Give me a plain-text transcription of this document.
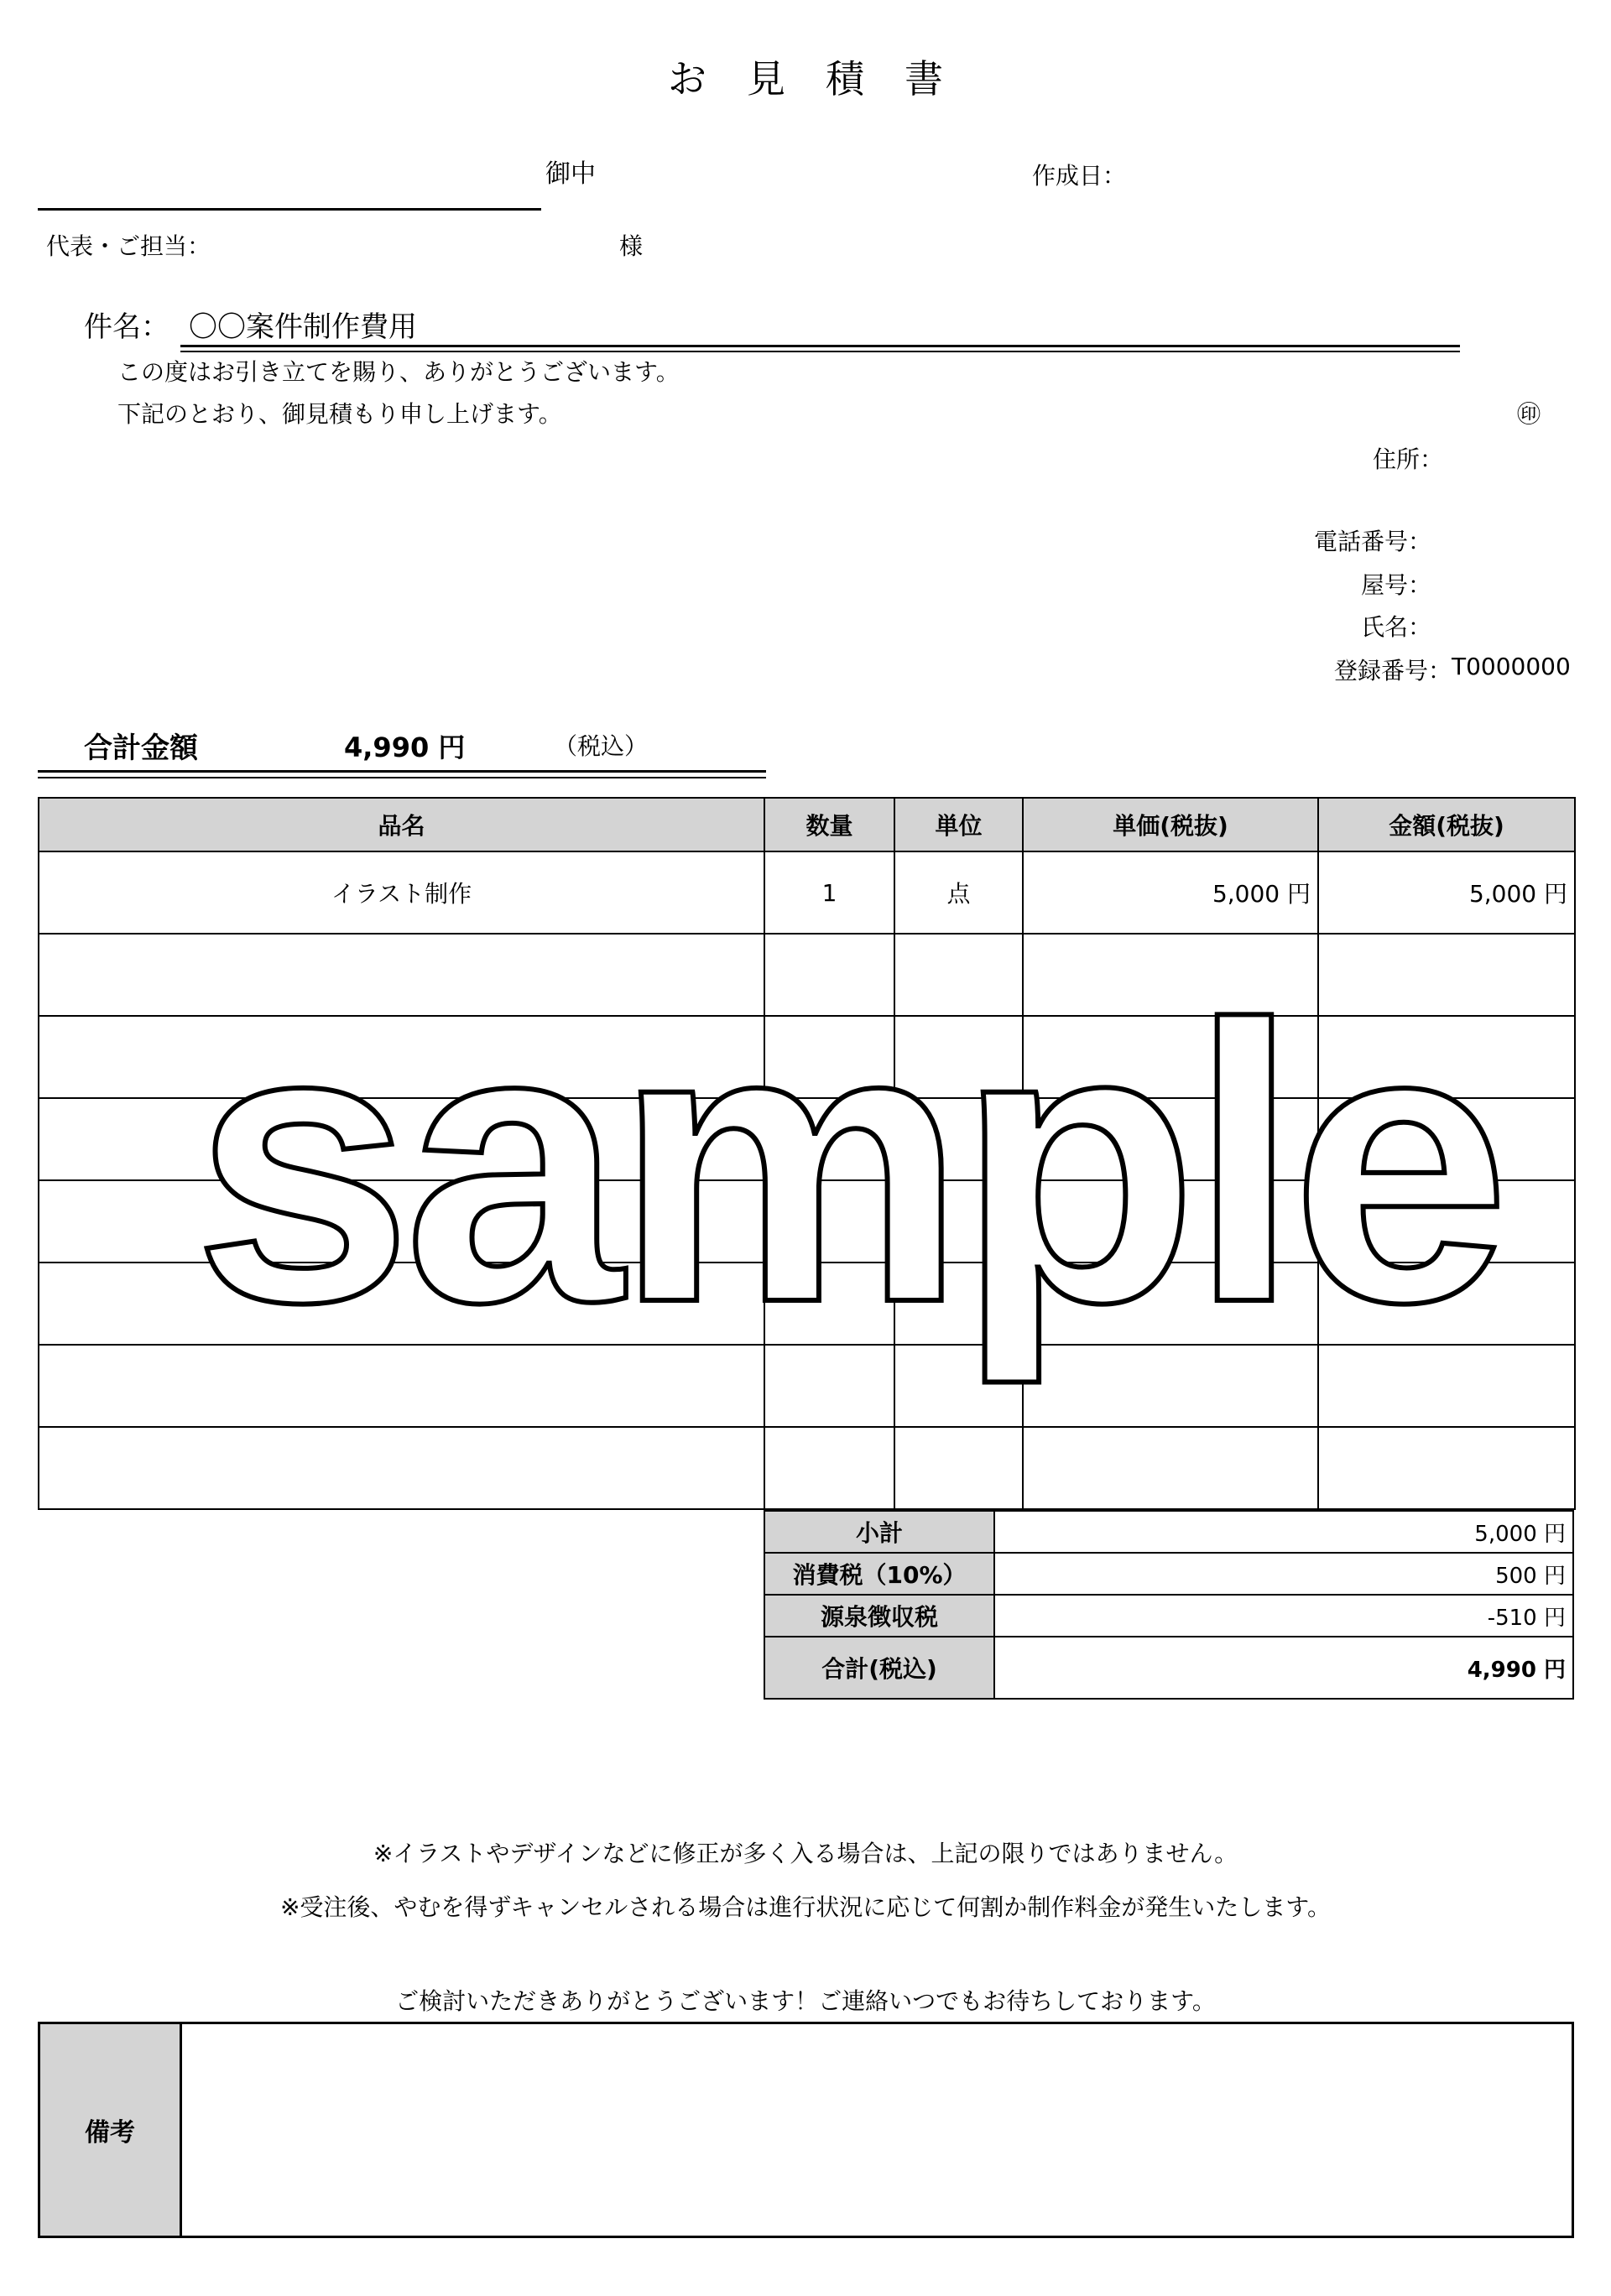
お見積書
御中	作成日：
代表・ご担当：	様
件名： 〇〇案件制作費用
この度はお引き立てを賜り、ありがとうございます。
下記のとおり、御見積もり申し上げます。	㊞
住所：
電話番号：
屋号：
氏名：
登録番号： T0000000
合計金額	4,990 円	（税込）
品名	数量	単位	単価(税抜)	金額(税抜)
イラスト制作	1	点	5,000 円	5,000 円

小計	5,000 円
消費税（10%）	500 円
源泉徴収税	-510 円
合計(税込)	4,990 円
※イラストやデザインなどに修正が多く入る場合は、上記の限りではありません。
※受注後、やむを得ずキャンセルされる場合は進行状況に応じて何割か制作料金が発生いたします。
ご検討いただきありがとうございます！ご連絡いつでもお待ちしております。
備考	
sample
